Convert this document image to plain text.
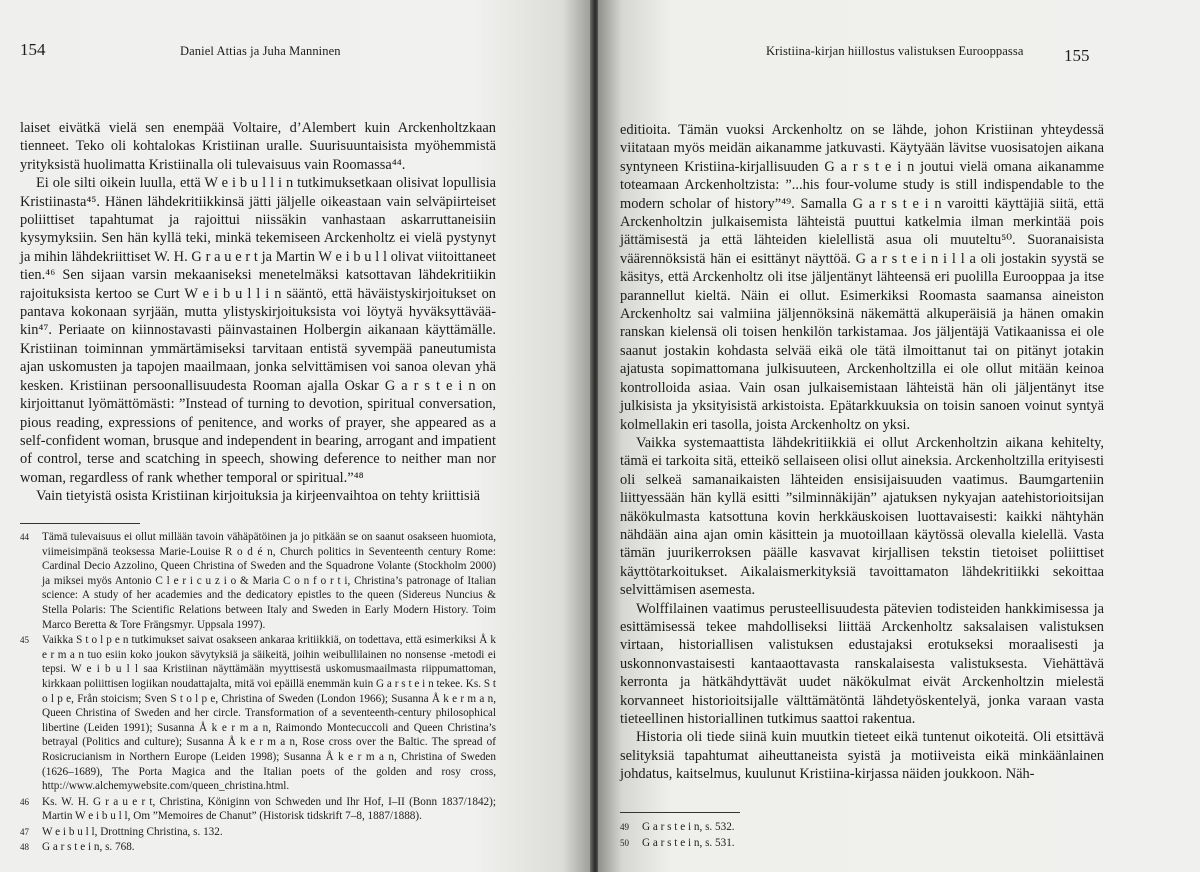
154	Daniel Attias ja Juha Manninen

laiset eivätkä vielä sen enempää Voltaire, d’Alembert kuin Arckenholtzkaan tienneet. Teko oli kohtalokas Kristiinan uralle. Suurisuuntaisista myöhemmistä yrityksistä huolimatta Kristiinalla oli tulevaisuus vain Roomassa⁴⁴.

Ei ole silti oikein luulla, että W e i b u l l i n tutkimuksetkaan olisivat lopullisia Kristiinasta⁴⁵. Hänen lähdekritiikkinsä jätti jäljelle oikeastaan vain selväpiirteiset poliittiset tapahtumat ja rajoittui niissäkin vanhastaan askarruttaneisiin kysymyksiin. Sen hän kyllä teki, minkä tekemiseen Arckenholtz ei vielä pystynyt ja mihin lähdekriittiset W. H. G r a u e r t ja Martin W e i b u l l olivat viitoittaneet tien.⁴⁶ Sen sijaan varsin mekaaniseksi menetelmäksi katsottavan lähdekritiikin rajoituksista kertoo se Curt W e i b u l l i n sääntö, että häväistyskirjoitukset on pantava kokonaan syrjään, mutta ylistyskirjoituksista voi löytyä hyväksyttävää-kin⁴⁷. Periaate on kiinnostavasti päinvastainen Holbergin aikanaan käyttämälle. Kristiinan toiminnan ymmärtämiseksi tarvitaan entistä syvempää paneutumista ajan uskomusten ja tapojen maailmaan, jonka selvittämisen voi sanoa olevan yhä kesken. Kristiinan persoonallisuudesta Rooman ajalla Oskar G a r s t e i n on kirjoittanut lyömättömästi: ”Instead of turning to devotion, spiritual conversation, pious reading, expressions of penitence, and works of prayer, she appeared as a self-confident woman, brusque and independent in bearing, arrogant and impatient of control, terse and scatching in speech, showing deference to neither man nor woman, regardless of rank whether temporal or spiritual.”⁴⁸

Vain tietyistä osista Kristiinan kirjoituksia ja kirjeenvaihtoa on tehty kriittisiä

44 Tämä tulevaisuus ei ollut millään tavoin vähäpätöinen ja jo pitkään se on saanut osakseen huomiota, viimeisimpänä teoksessa Marie-Louise R o d é n, Church politics in Seventeenth century Rome: Cardinal Decio Azzolino, Queen Christina of Sweden and the Squadrone Volante (Stockholm 2000) ja miksei myös Antonio C l e r i c u z i o & Maria C o n f o r t i, Christina’s patronage of Italian science: A study of her academies and the dedicatory epistles to the queen (Sidereus Nuncius & Stella Polaris: The Scientific Relations between Italy and Sweden in Early Modern History. Toim Marco Beretta & Tore Frängsmyr. Uppsala 1997).
45 Vaikka S t o l p e n tutkimukset saivat osakseen ankaraa kritiikkiä, on todettava, että esimerkiksi Å k e r m a n tuo esiin koko joukon sävytyksiä ja säikeitä, joihin weibullilainen no nonsense -metodi ei tepsi. W e i b u l l saa Kristiinan näyttämään myyttisestä uskomusmaailmasta riippumattoman, kirkkaan poliittisen logiikan noudattajalta, mitä voi epäillä enemmän kuin G a r s t e i n tekee. Ks. S t o l p e, Från stoicism; Sven S t o l p e, Christina of Sweden (London 1966); Susanna Å k e r m a n, Queen Christina of Sweden and her circle. Transformation of a seventeenth-century philosophical libertine (Leiden 1991); Susanna Å k e r m a n, Raimondo Montecuccoli and Queen Christina’s betrayal (Politics and culture); Susanna Å k e r m a n, Rose cross over the Baltic. The spread of Rosicrucianism in Northern Europe (Leiden 1998); Susanna Å k e r m a n, Christina of Sweden (1626–1689), The Porta Magica and the Italian poets of the golden and rosy cross, http://www.alchemywebsite.com/queen_christina.html.
46 Ks. W. H. G r a u e r t, Christina, Königinn von Schweden und Ihr Hof, I–II (Bonn 1837/1842); Martin W e i b u l l, Om ”Memoires de Chanut” (Historisk tidskrift 7–8, 1887/1888).
47 W e i b u l l, Drottning Christina, s. 132.
48 G a r s t e i n, s. 768.
Kristiina-kirjan hiillostus valistuksen Eurooppassa 155

editioita. Tämän vuoksi Arckenholtz on se lähde, johon Kristiinan yhteydessä viitataan myös meidän aikanamme jatkuvasti. Käytyään lävitse vuosisatojen aikana syntyneen Kristiina-kirjallisuuden G a r s t e i n joutui vielä omana aikanamme toteamaan Arckenholtzista: ”...his four-volume study is still indispendable to the modern scholar of history”⁴⁹. Samalla G a r s t e i n varoitti käyttäjiä siitä, että Arckenholtzin julkaisemista lähteistä puuttui katkelmia ilman merkintää pois jättämisestä ja että lähteiden kielellistä asua oli muuteltu⁵⁰. Suoranaisista väärennöksistä hän ei esittänyt näyttöä. G a r s t e i n i l l a oli jostakin syystä se käsitys, että Arckenholtz oli itse jäljentänyt lähteensä eri puolilla Eurooppaa ja itse parannellut kieltä. Näin ei ollut. Esimerkiksi Roomasta saamansa aineiston Arckenholtz sai valmiina jäljennöksinä näkemättä alkuperäisiä ja hänen omakin ranskan kielensä oli toisen henkilön tarkistamaa. Jos jäljentäjä Vatikaanissa ei ole saanut jostakin kohdasta selvää eikä ole tätä ilmoittanut tai on pitänyt jotakin ajatusta sopimattomana julkisuuteen, Arckenholtzilla ei ole ollut mitään keinoa kontrolloida asiaa. Vain osan julkaisemistaan lähteistä hän oli jäljentänyt itse julkisista ja yksityisistä arkistoista. Epätarkkuuksia on toisin sanoen voinut syntyä kolmellakin eri tasolla, joista Arckenholtz on yksi.

Vaikka systemaattista lähdekritiikkiä ei ollut Arckenholtzin aikana kehitelty, tämä ei tarkoita sitä, etteikö sellaiseen olisi ollut aineksia. Arckenholtzilla erityisesti oli selkeä samanaikaisten lähteiden ensisijaisuuden vaatimus. Baumgarteniin liittyessään hän kyllä esitti ”silminnäkijän” ajatuksen nykyajan aatehistorioitsijan näkökulmasta katsottuna kovin herkkäuskoisen luottavaisesti: kaikki nähtyhän nähdään aina ajan omin käsittein ja muotoillaan käytössä olevalla kielellä. Vasta tämän juurikerroksen päälle kasvavat kirjallisen tekstin tietoiset poliittiset käyttötarkoitukset. Aikalaismerkityksiä tavoittamaton lähdekritiikki sekoittaa selvittämisen asemesta.

Wolffilainen vaatimus perusteellisuudesta pätevien todisteiden hankkimisessa ja esittämisessä tekee mahdolliseksi liittää Arckenholtz saksalaisen valistuksen virtaan, historiallisen valistuksen edustajaksi erotukseksi moraalisesti ja uskonnonvastaisesti kantaaottavasta ranskalaisesta valistuksesta. Viehättävä kerronta ja hätkähdyttävät uudet näkökulmat eivät Arckenholtzin mielestä korvanneet historioitsijalle välttämätöntä lähdetyöskentelyä, jonka varaan vasta tieteellinen historiallinen tutkimus saattoi rakentua.

Historia oli tiede siinä kuin muutkin tieteet eikä tuntenut oikoteitä. Oli etsittävä selityksiä tapahtumat aiheuttaneista syistä ja motiiveista eikä minkäänlainen johdatus, kaitselmus, kuulunut Kristiina-kirjassa näiden joukkoon. Näh-

49 G a r s t e i n, s. 532.
50 G a r s t e i n, s. 531.
